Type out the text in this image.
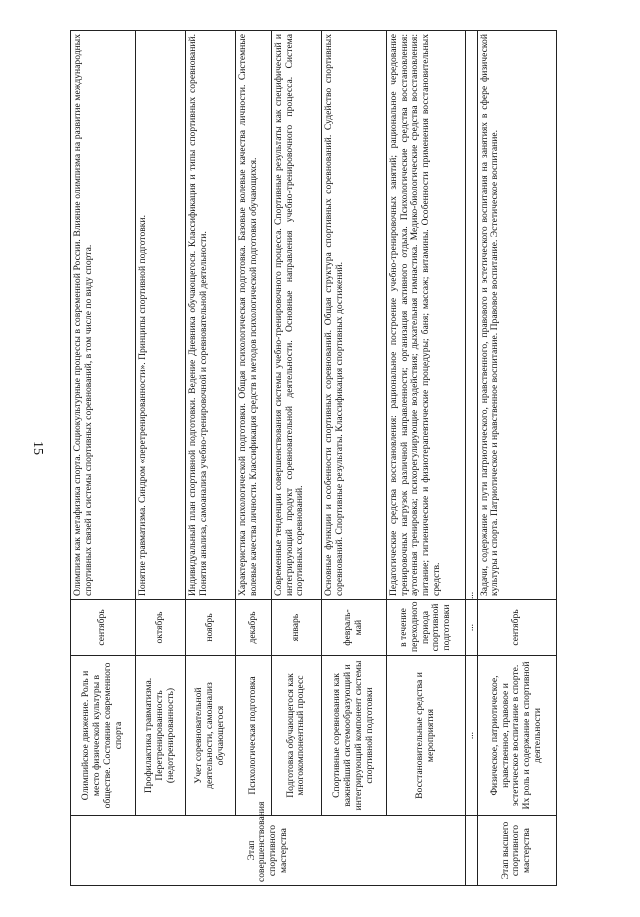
15
Этап совершенствования спортивного мастерства	Олимпийское движение. Роль и место физической культуры в обществе. Состояние современного спорта	сентябрь	Олимпизм как метафизика спорта. Социокультурные процессы в современной России. Влияние олимпизма на развитие международных спортивных связей и системы спортивных соревнований, в том числе по виду спорта.
	Профилактика травматизма. Перетренированность (недотренированность)	октябрь	Понятие травматизма. Синдром «перетренированности». Принципы спортивной подготовки.
	Учет соревновательной деятельности, самоанализ обучающегося	ноябрь	Индивидуальный план спортивной подготовки. Ведение Дневника обучающегося. Классификация и типы спортивных соревнований. Понятия анализа, самоанализа учебно-тренировочной и соревновательной деятельности.
	Психологическая подготовка	декабрь	Характеристика психологической подготовки. Общая психологическая подготовка. Базовые волевые качества личности. Системные волевые качества личности. Классификация средств и методов психологической подготовки обучающихся.
	Подготовка обучающегося как многокомпонентный процесс	январь	Современные тенденции совершенствования системы учебно-тренировочного процесса. Спортивные результаты как специфический и интегрирующий продукт соревновательной деятельности. Основные направления учебно-тренировочного процесса. Система спортивных соревнований.
	Спортивные соревнования как важнейший системообразующий и интегрирующий компонент системы спортивной подготовки	февраль-май	Основные функции и особенности спортивных соревнований. Общая структура спортивных соревнований. Судейство спортивных соревнований. Спортивные результаты. Классификация спортивных достижений.
	Восстановительные средства и мероприятия	в течение переходного периода спортивной подготовки	Педагогические средства восстановления: рациональное построение учебно-тренировочных занятий; рациональное чередование тренировочных нагрузок различной направленности; организация активного отдыха. Психологические средства восстановления: аутогенная тренировка; психорегулирующие воздействия; дыхательная гимнастика. Медико-биологические средства восстановления: питание; гигиенические и физиотерапевтические процедуры; баня; массаж; витамины. Особенности применения восстановительных средств.
	...	...	...
Этап высшего спортивного мастерства	Физическое, патриотическое, нравственное, правовое и эстетическое воспитание в спорте. Их роль и содержание в спортивной деятельности	сентябрь	Задачи, содержание и пути патриотического, нравственного, правового и эстетического воспитания на занятиях в сфере физической культуры и спорта. Патриотическое и нравственное воспитание. Правовое воспитание. Эстетическое воспитание.
